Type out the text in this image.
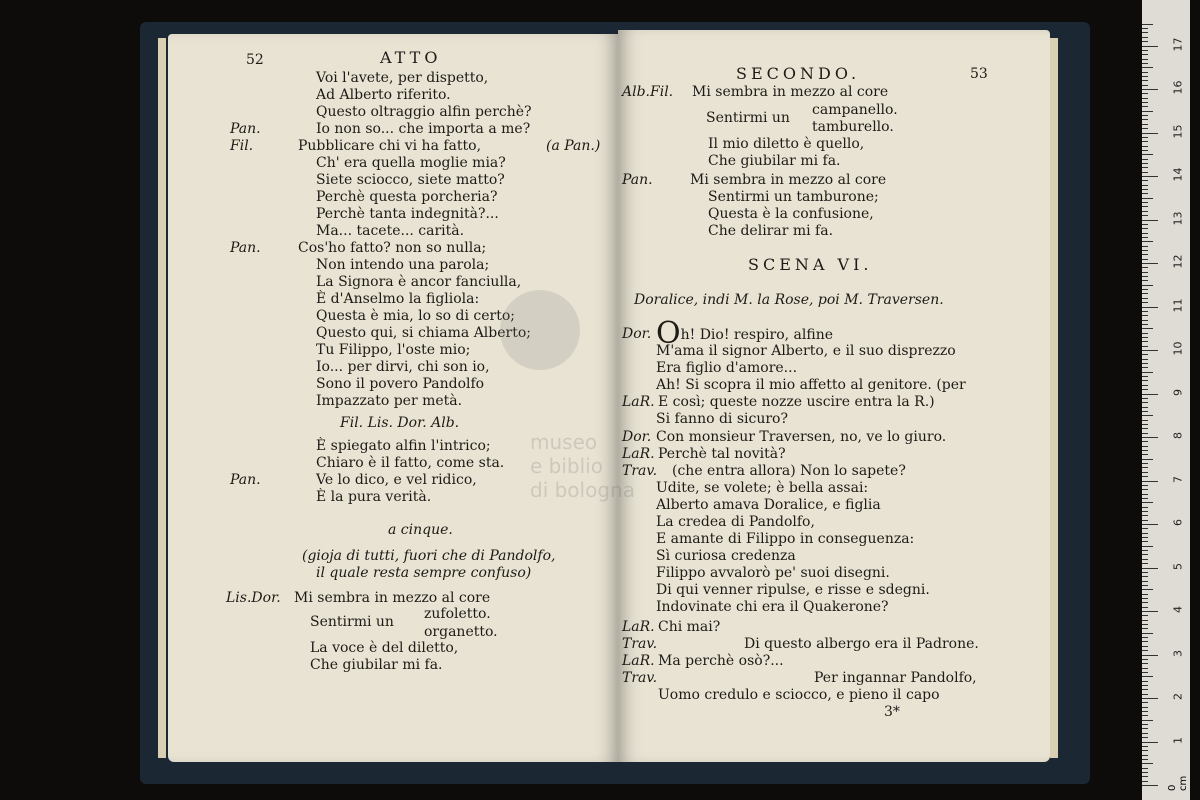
52	ATTO
Voi l'avete, per dispetto,
Ad Alberto riferito.
Questo oltraggio alfin perchè?
Pan.	Io non so... che importa a me?
Fil.	Pubblicare chi vi ha fatto,	(a Pan.)
Ch' era quella moglie mia?
Siete sciocco, siete matto?
Perchè questa porcheria?
Perchè tanta indegnità?...
Ma... tacete... carità.
Pan.	Cos'ho fatto? non so nulla;
Non intendo una parola;
La Signora è ancor fanciulla,
È d'Anselmo la figliola:
Questa è mia, lo so di certo;
Questo qui, si chiama Alberto;
Tu Filippo, l'oste mio;
Io... per dirvi, chi son io,
Sono il povero Pandolfo
Impazzato per metà.
Fil. Lis. Dor. Alb.
È spiegato alfin l'intrico;
Chiaro è il fatto, come sta.
Pan.	Ve lo dico, e vel ridico,
È la pura verità.
a cinque.
(gioja di tutti, fuori che di Pandolfo,
il quale resta sempre confuso)
Lis.Dor. Mi sembra in mezzo al core
zufoletto.
Sentirmi un
organetto.
La voce è del diletto,
Che giubilar mi fa.
SECONDO.	53
Alb.Fil. Mi sembra in mezzo al core
campanello.
Sentirmi un
tamburello.
Il mio diletto è quello,
Che giubilar mi fa.
Pan.	Mi sembra in mezzo al core
Sentirmi un tamburone;
Questa è la confusione,
Che delirar mi fa.
SCENA VI.
Doralice, indi M. la Rose, poi M. Traversen.
Dor. Oh! Dio! respiro, alfine
M'ama il signor Alberto, e il suo disprezzo
Era figlio d'amore...
Ah! Si scopra il mio affetto al genitore. (per
LaR. E così; queste nozze uscire entra la R.)
Si fanno di sicuro?
Dor. Con monsieur Traversen, no, ve lo giuro.
LaR. Perchè tal novità?
Trav. (che entra allora) Non lo sapete?
Udite, se volete; è bella assai:
Alberto amava Doralice, e figlia
La credea di Pandolfo,
E amante di Filippo in conseguenza:
Sì curiosa credenza
Filippo avvalorò pe' suoi disegni.
Di qui venner ripulse, e risse e sdegni.
Indovinate chi era il Quakerone?
LaR. Chi mai?
Trav.	Di questo albergo era il Padrone.
LaR. Ma perchè osò?...
Trav.	Per ingannar Pandolfo,
Uomo credulo e sciocco, e pieno il capo
3*
museo
e biblio
di bologna
0 cm
1
2
3
4
5
6
7
8
9
10
11
12
13
14
15
16
17
